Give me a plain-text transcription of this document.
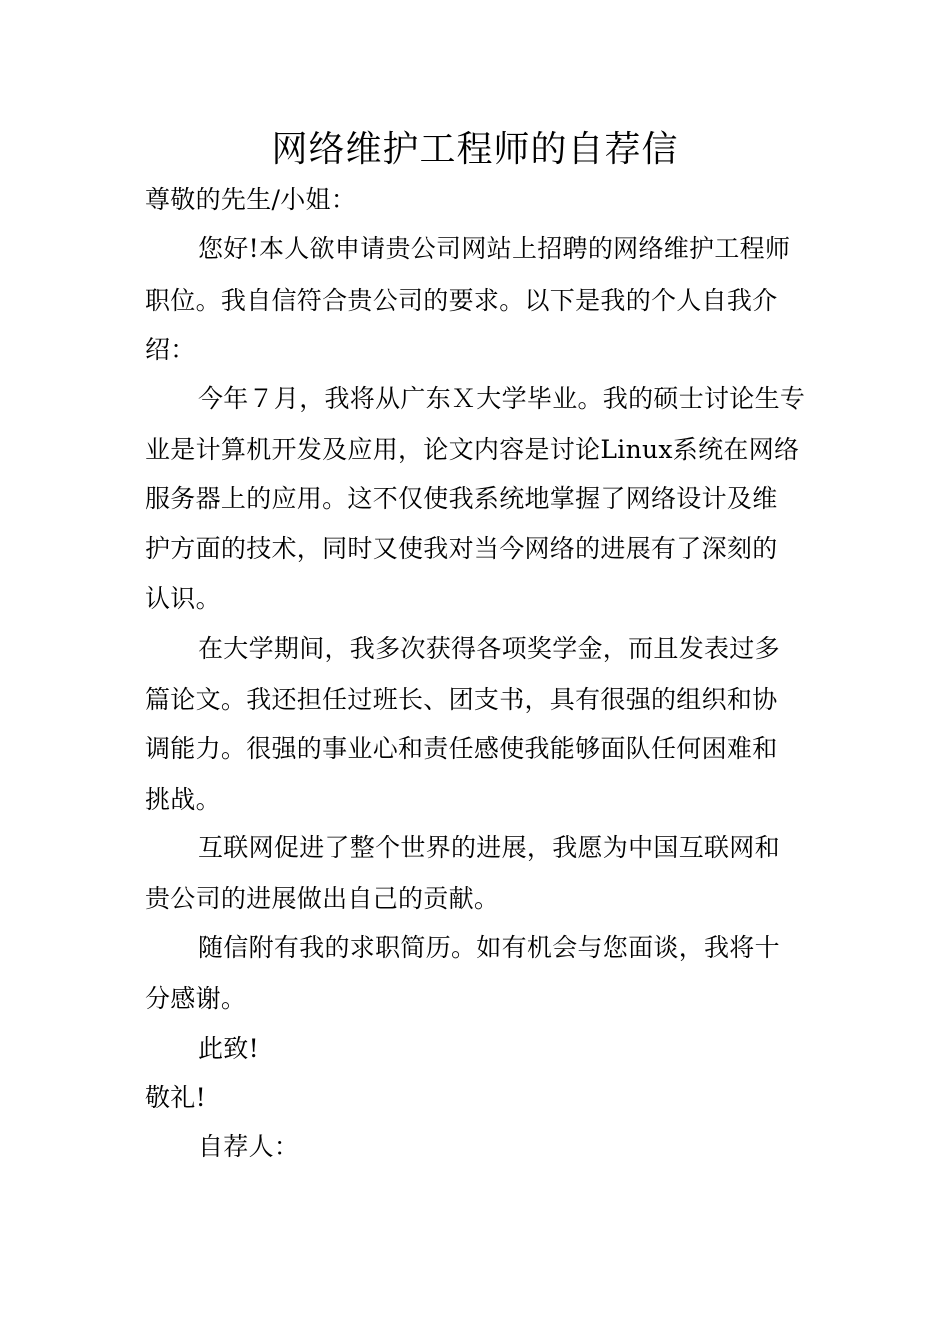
网络维护工程师的自荐信

尊敬的先生/小姐：

您好!本人欲申请贵公司网站上招聘的网络维护工程师

职位。我自信符合贵公司的要求。以下是我的个人自我介

绍：

今年７月，我将从广东Ｘ大学毕业。我的硕士讨论生专

业是计算机开发及应用，论文内容是讨论Linux系统在网络

服务器上的应用。这不仅使我系统地掌握了网络设计及维

护方面的技术，同时又使我对当今网络的进展有了深刻的

认识。

在大学期间，我多次获得各项奖学金，而且发表过多

篇论文。我还担任过班长、团支书，具有很强的组织和协

调能力。很强的事业心和责任感使我能够面队任何困难和

挑战。

互联网促进了整个世界的进展，我愿为中国互联网和

贵公司的进展做出自己的贡献。

随信附有我的求职简历。如有机会与您面谈，我将十

分感谢。

此致!

敬礼!

自荐人：
